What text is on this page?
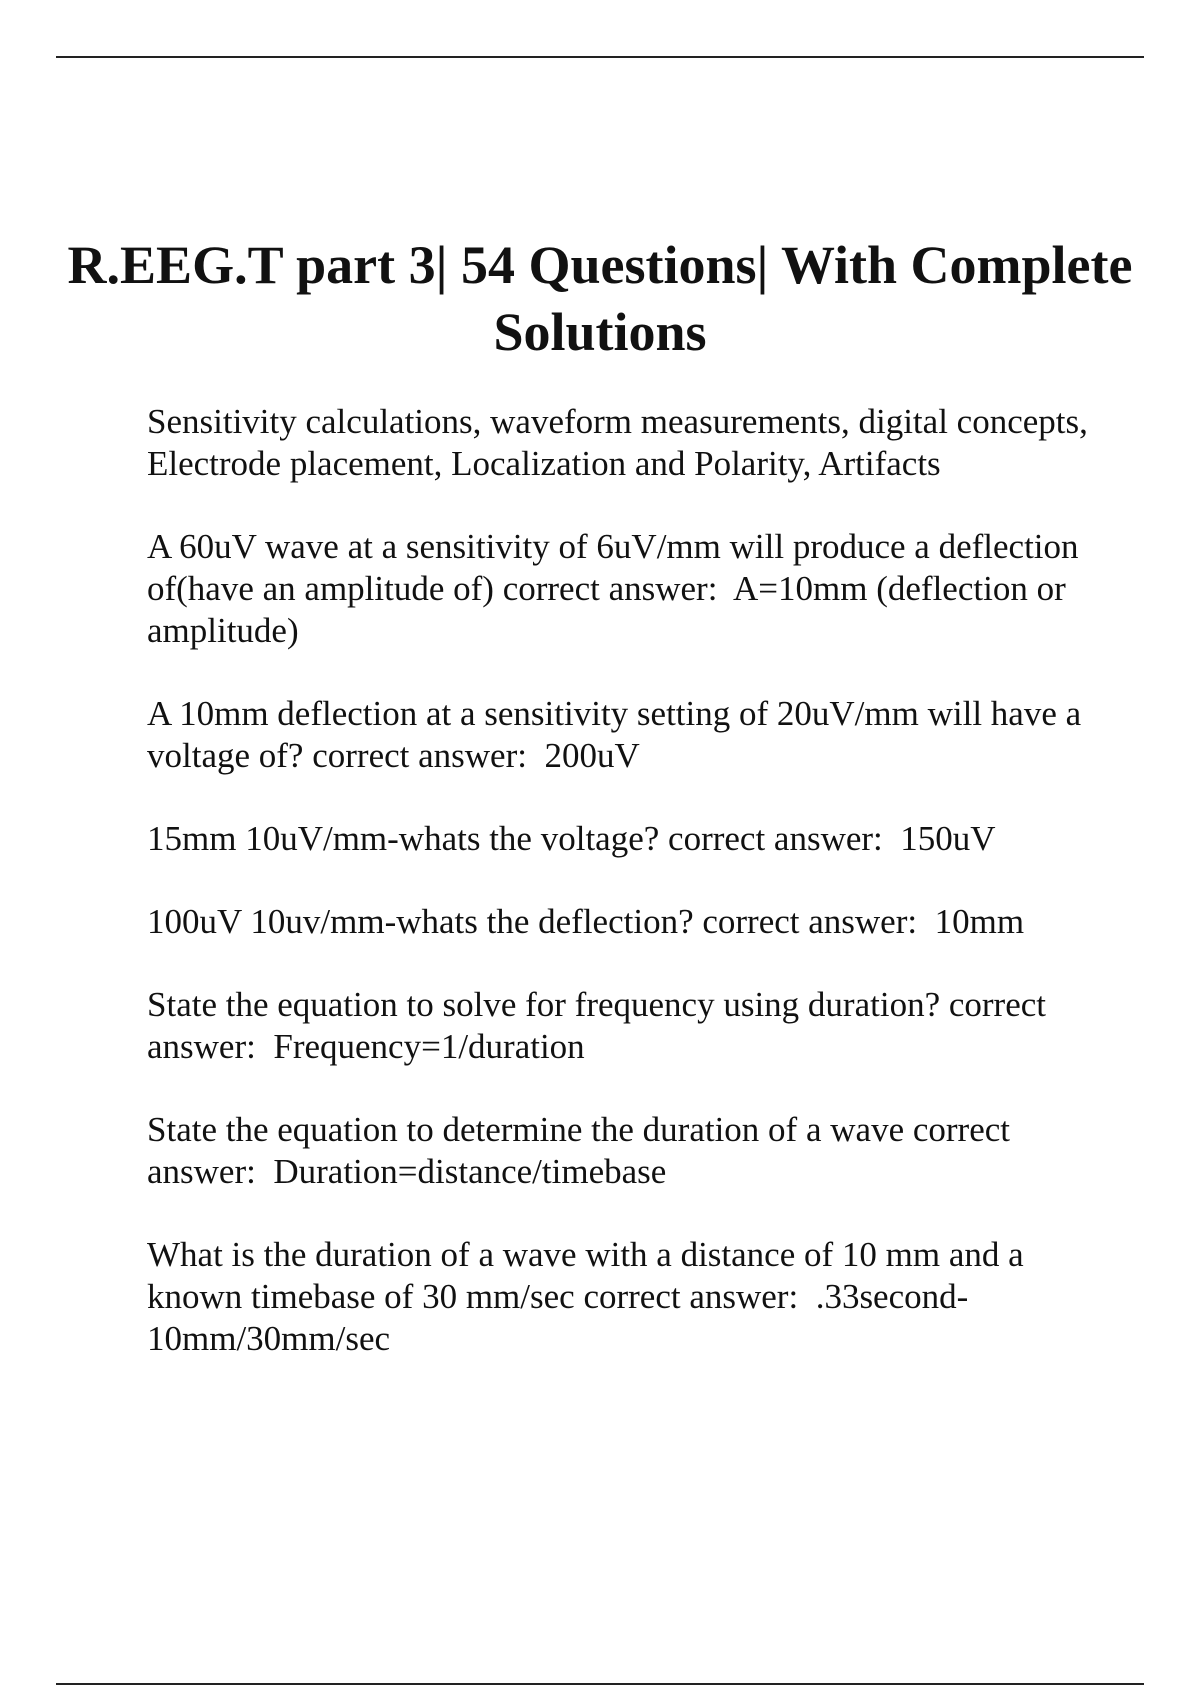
R.EEG.T part 3| 54 Questions| With Complete Solutions

Sensitivity calculations, waveform measurements, digital concepts, Electrode placement, Localization and Polarity, Artifacts

A 60uV wave at a sensitivity of 6uV/mm will produce a deflection of(have an amplitude of) correct answer: A=10mm (deflection or amplitude)

A 10mm deflection at a sensitivity setting of 20uV/mm will have a voltage of? correct answer: 200uV

15mm 10uV/mm-whats the voltage? correct answer: 150uV

100uV 10uv/mm-whats the deflection? correct answer: 10mm

State the equation to solve for frequency using duration? correct answer: Frequency=1/duration

State the equation to determine the duration of a wave correct answer: Duration=distance/timebase

What is the duration of a wave with a distance of 10 mm and a known timebase of 30 mm/sec correct answer: .33second-10mm/30mm/sec
